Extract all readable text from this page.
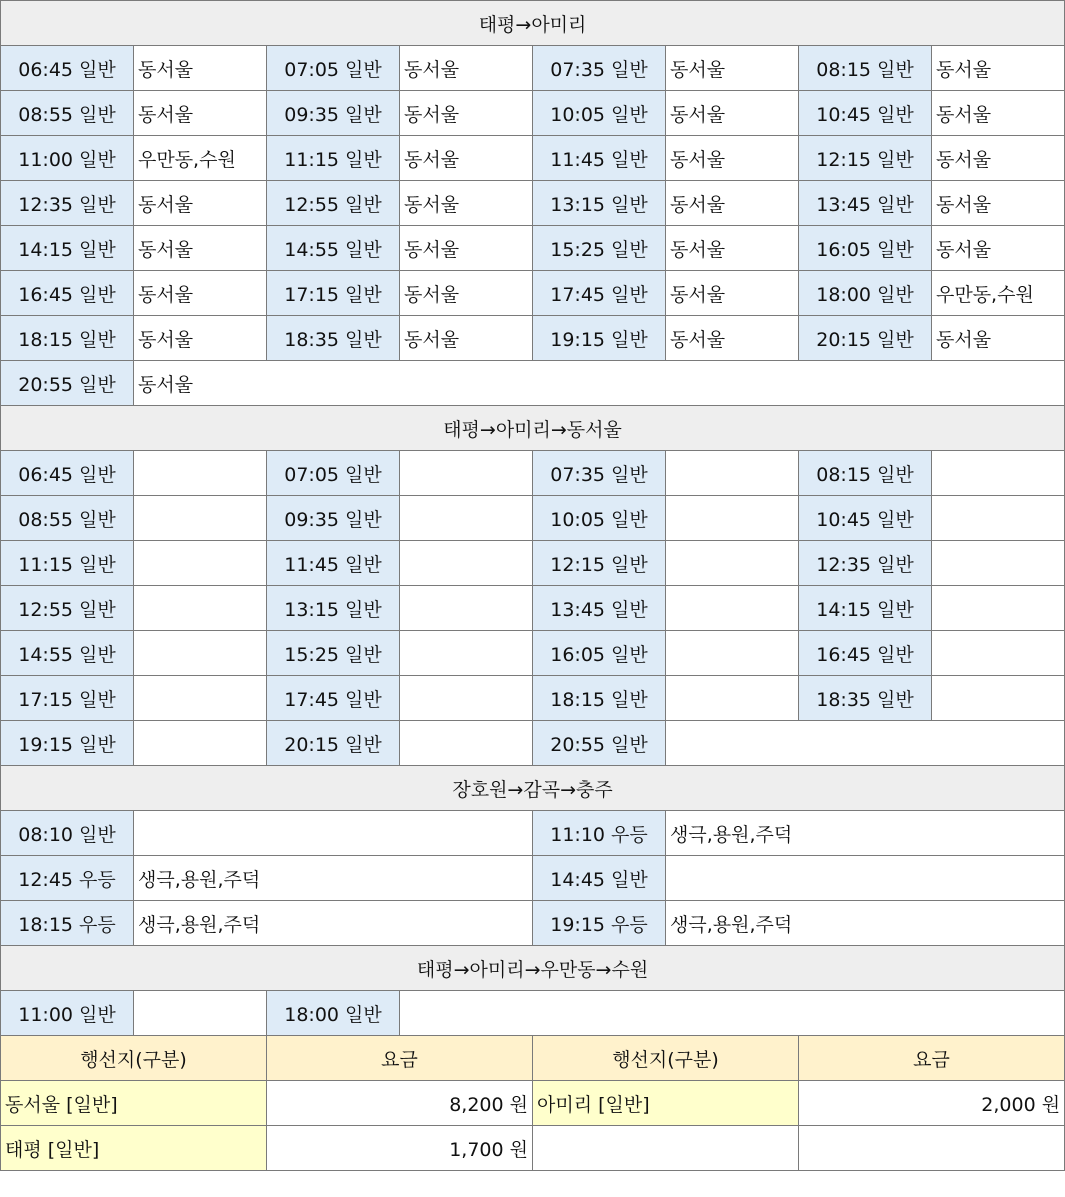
태평→아미리							
06:45 일반	동서울	07:05 일반	동서울	07:35 일반	동서울	08:15 일반	동서울
08:55 일반	동서울	09:35 일반	동서울	10:05 일반	동서울	10:45 일반	동서울
11:00 일반	우만동,수원	11:15 일반	동서울	11:45 일반	동서울	12:15 일반	동서울
12:35 일반	동서울	12:55 일반	동서울	13:15 일반	동서울	13:45 일반	동서울
14:15 일반	동서울	14:55 일반	동서울	15:25 일반	동서울	16:05 일반	동서울
16:45 일반	동서울	17:15 일반	동서울	17:45 일반	동서울	18:00 일반	우만동,수원
18:15 일반	동서울	18:35 일반	동서울	19:15 일반	동서울	20:15 일반	동서울
20:55 일반	동서울						
태평→아미리→동서울							
06:45 일반		07:05 일반		07:35 일반		08:15 일반	
08:55 일반		09:35 일반		10:05 일반		10:45 일반	
11:15 일반		11:45 일반		12:15 일반		12:35 일반	
12:55 일반		13:15 일반		13:45 일반		14:15 일반	
14:55 일반		15:25 일반		16:05 일반		16:45 일반	
17:15 일반		17:45 일반		18:15 일반		18:35 일반	
19:15 일반		20:15 일반		20:55 일반			
장호원→감곡→충주							
08:10 일반				11:10 우등	생극,용원,주덕		
12:45 우등	생극,용원,주덕			14:45 일반			
18:15 우등	생극,용원,주덕			19:15 우등	생극,용원,주덕		
태평→아미리→우만동→수원							
11:00 일반		18:00 일반					
행선지(구분)		요금		행선지(구분)		요금	
동서울 [일반]		8,200 원		아미리 [일반]		2,000 원	
태평 [일반]		1,700 원					
